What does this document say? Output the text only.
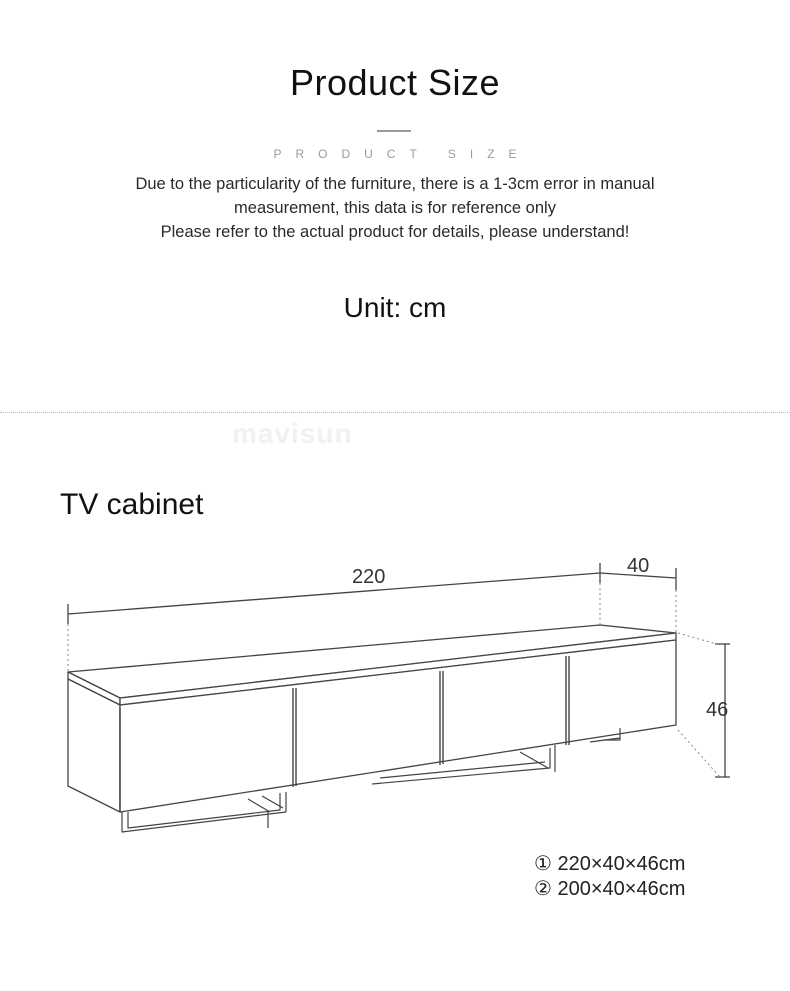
Product Size
PRODUCT SIZE

Due to the particularity of the furniture, there is a 1-3cm error in manual

measurement, this data is for reference only

Please refer to the actual product for details, please understand!

Unit: cm
mavisun
TV cabinet
220	40
46
① 220×40×46cm
② 200×40×46cm
